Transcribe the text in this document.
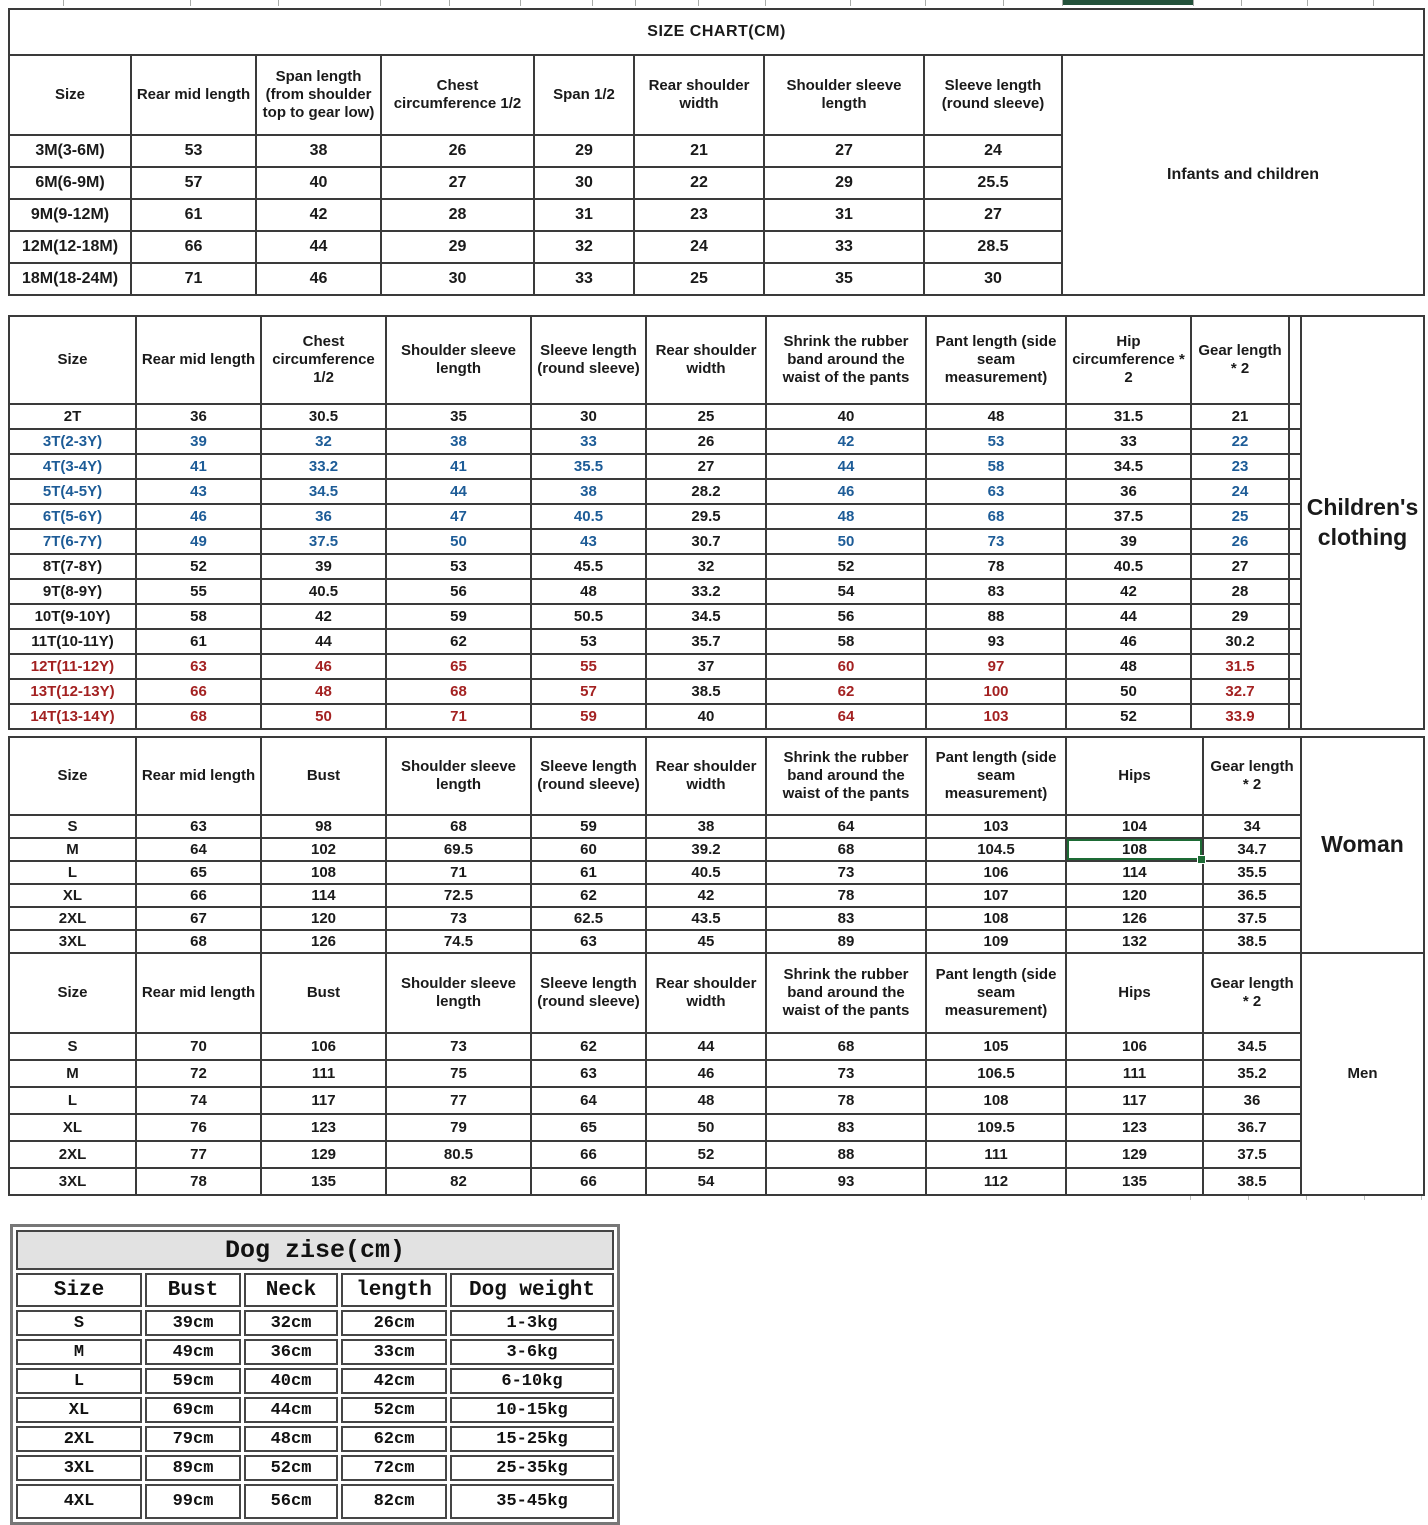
SIZE CHART(CM)								
Size	Rear mid length	Span length (from shoulder top to gear low)	Chest circumference 1/2	Span 1/2	Rear shoulder width	Shoulder sleeve length	Sleeve length (round sleeve)	Infants and children
3M(3-6M)	53	38	26	29	21	27	24	
6M(6-9M)	57	40	27	30	22	29	25.5	
9M(9-12M)	61	42	28	31	23	31	27	
12M(12-18M)	66	44	29	32	24	33	28.5	
18M(18-24M)	71	46	30	33	25	35	30	
Size	Rear mid length	Chest circumference 1/2	Shoulder sleeve length	Sleeve length (round sleeve)	Rear shoulder width	Shrink the rubber band around the waist of the pants	Pant length (side seam measurement)	Hip circumference * 2	Gear length * 2		Children's clothing
2T	36	30.5	35	30	25	40	48	31.5	21		
3T(2-3Y)	39	32	38	33	26	42	53	33	22		
4T(3-4Y)	41	33.2	41	35.5	27	44	58	34.5	23		
5T(4-5Y)	43	34.5	44	38	28.2	46	63	36	24		
6T(5-6Y)	46	36	47	40.5	29.5	48	68	37.5	25		
7T(6-7Y)	49	37.5	50	43	30.7	50	73	39	26		
8T(7-8Y)	52	39	53	45.5	32	52	78	40.5	27		
9T(8-9Y)	55	40.5	56	48	33.2	54	83	42	28		
10T(9-10Y)	58	42	59	50.5	34.5	56	88	44	29		
11T(10-11Y)	61	44	62	53	35.7	58	93	46	30.2		
12T(11-12Y)	63	46	65	55	37	60	97	48	31.5		
13T(12-13Y)	66	48	68	57	38.5	62	100	50	32.7		
14T(13-14Y)	68	50	71	59	40	64	103	52	33.9		
Size	Rear mid length	Bust	Shoulder sleeve length	Sleeve length (round sleeve)	Rear shoulder width	Shrink the rubber band around the waist of the pants	Pant length (side seam measurement)	Hips	Gear length * 2	Woman
S	63	98	68	59	38	64	103	104	34	
M	64	102	69.5	60	39.2	68	104.5	108	34.7	
L	65	108	71	61	40.5	73	106	114	35.5	
XL	66	114	72.5	62	42	78	107	120	36.5	
2XL	67	120	73	62.5	43.5	83	108	126	37.5	
3XL	68	126	74.5	63	45	89	109	132	38.5	
Size	Rear mid length	Bust	Shoulder sleeve length	Sleeve length (round sleeve)	Rear shoulder width	Shrink the rubber band around the waist of the pants	Pant length (side seam measurement)	Hips	Gear length * 2	Men
S	70	106	73	62	44	68	105	106	34.5	
M	72	111	75	63	46	73	106.5	111	35.2	
L	74	117	77	64	48	78	108	117	36	
XL	76	123	79	65	50	83	109.5	123	36.7	
2XL	77	129	80.5	66	52	88	111	129	37.5	
3XL	78	135	82	66	54	93	112	135	38.5	
Dog zise(cm)				
Size	Bust	Neck	length	Dog weight
S	39cm	32cm	26cm	1-3kg
M	49cm	36cm	33cm	3-6kg
L	59cm	40cm	42cm	6-10kg
XL	69cm	44cm	52cm	10-15kg
2XL	79cm	48cm	62cm	15-25kg
3XL	89cm	52cm	72cm	25-35kg
4XL	99cm	56cm	82cm	35-45kg
